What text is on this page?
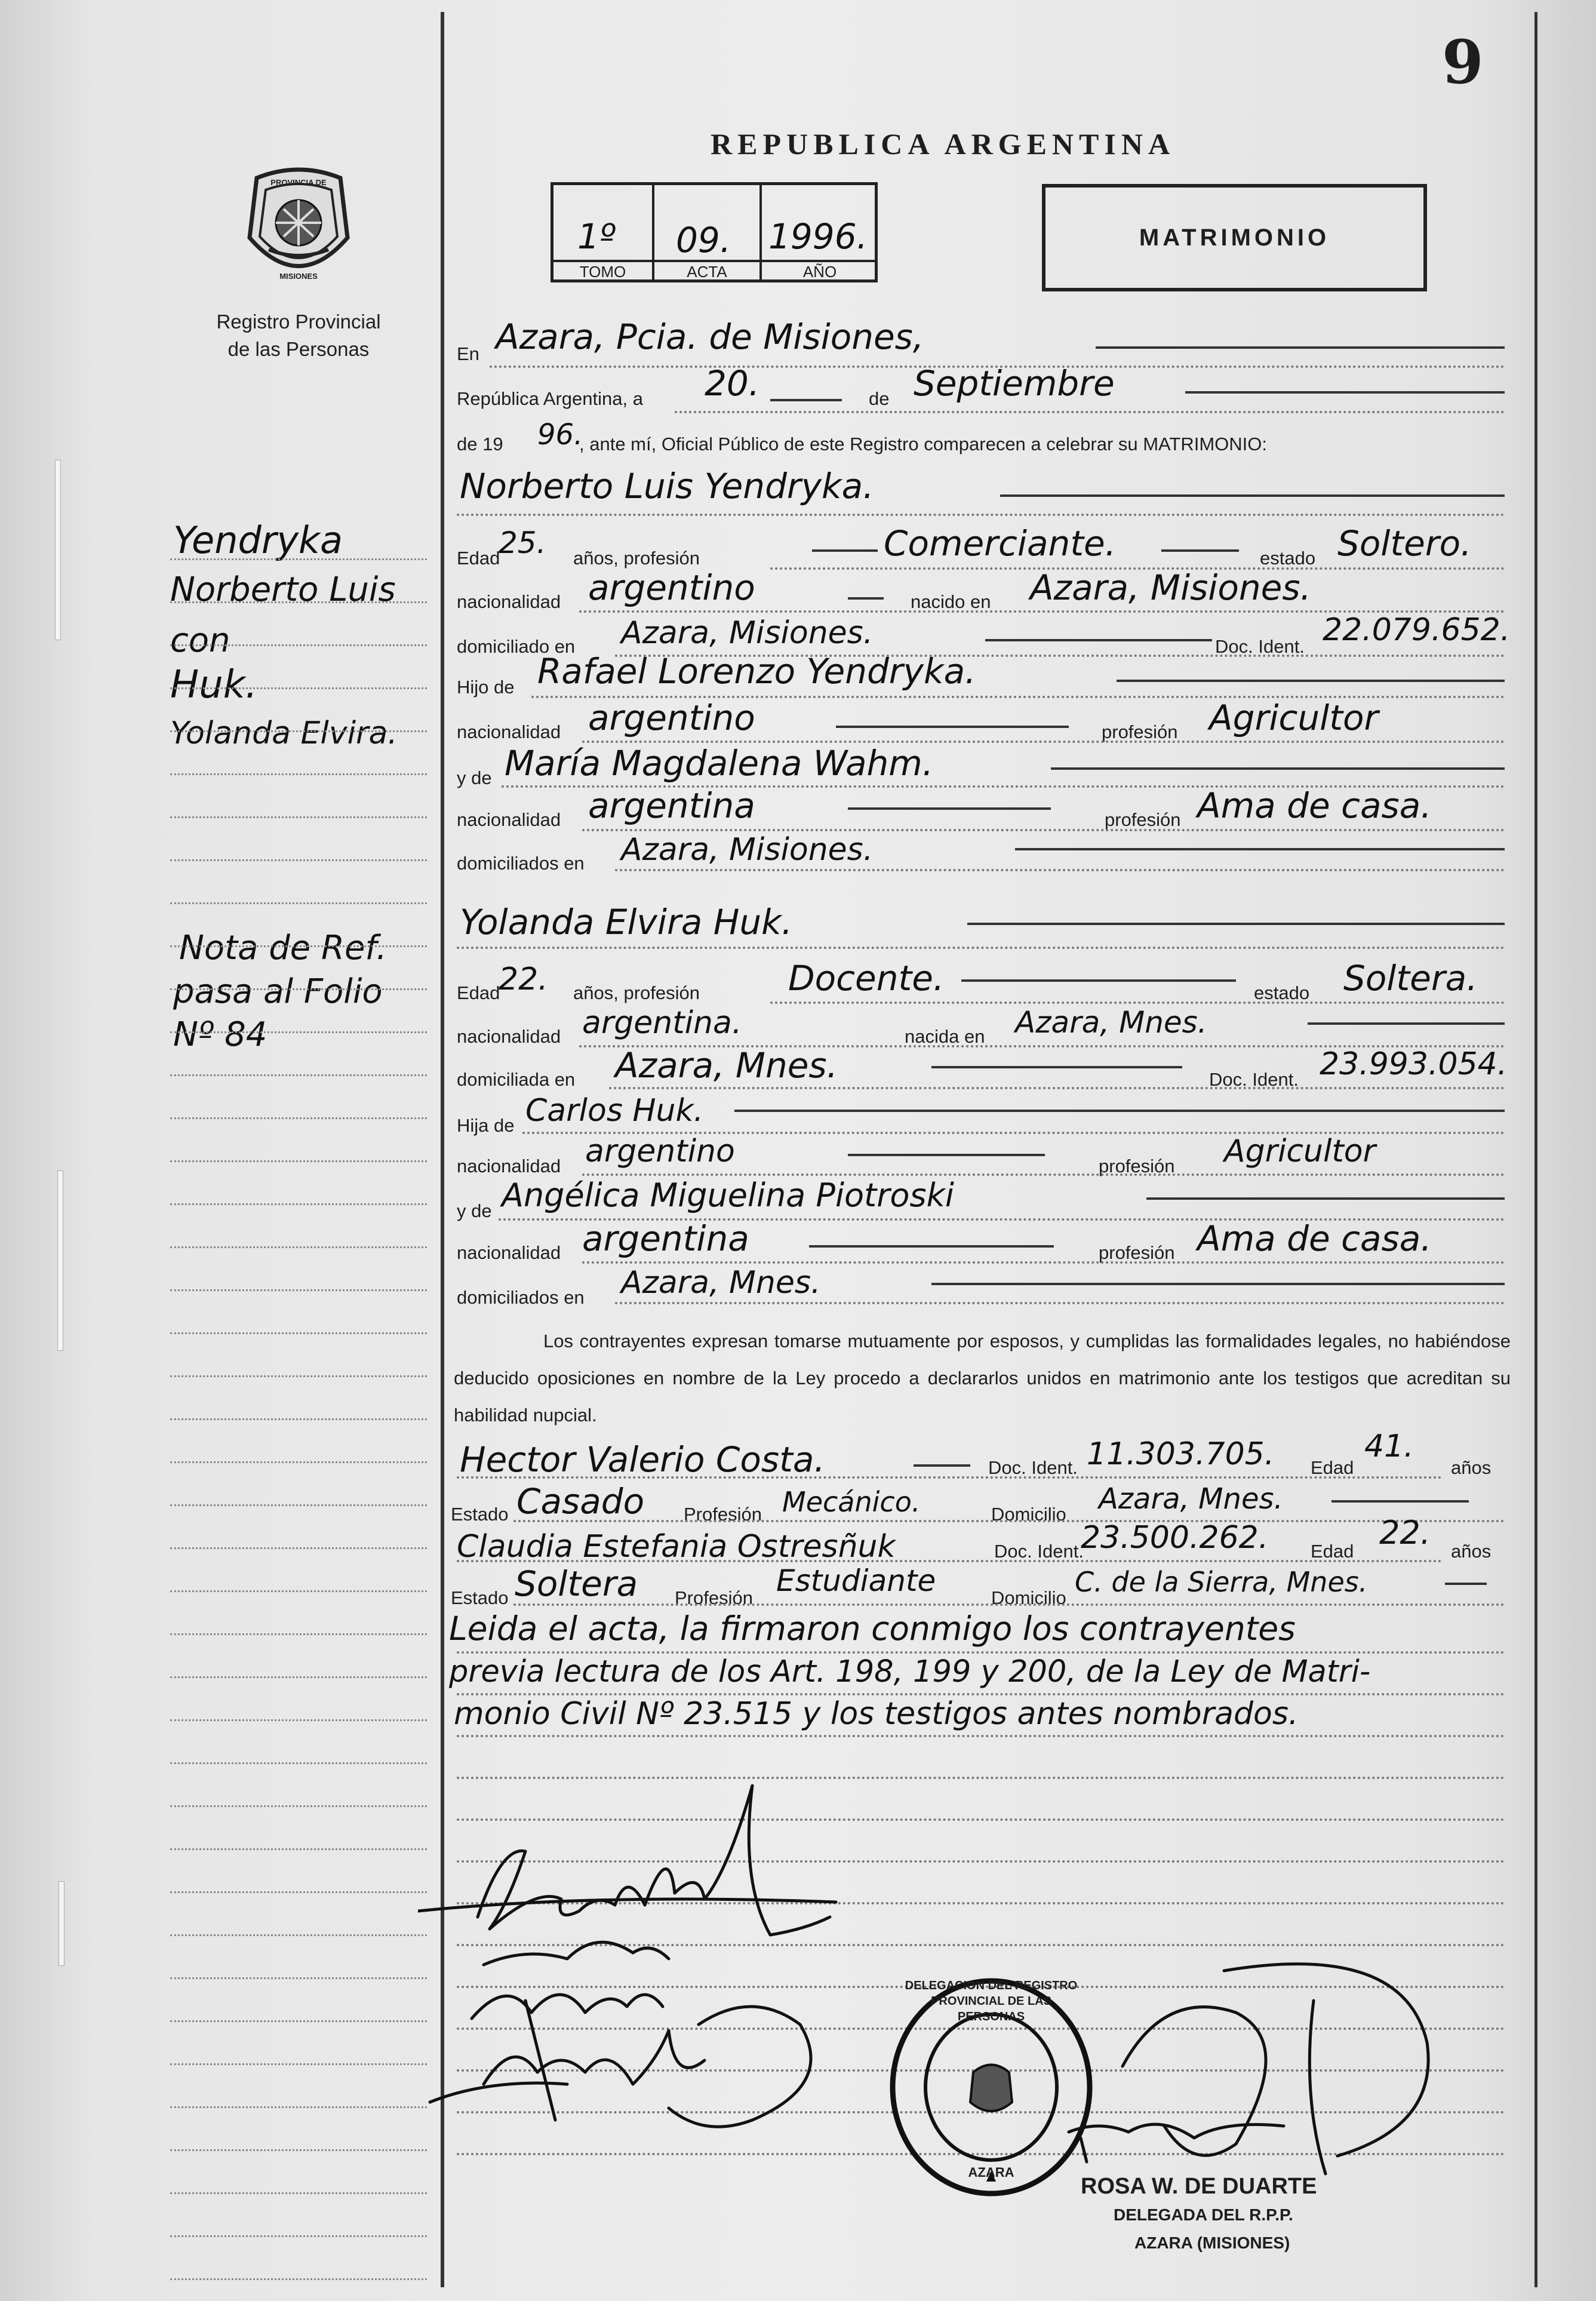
9
REPUBLICA ARGENTINA
PROVINCIA DE
MISIONES
Registro Provincial
de las Personas
1º 09. 1996.
TOMO	ACTA	AÑO
MATRIMONIO
Yendryka
Norberto Luis
con
Huk.
Yolanda Elvira.
Nota de Ref.
pasa al Folio
Nº 84
En Azara, Pcia. de Misiones,
República Argentina, a 20.	de Septiembre
de 19 96.
, ante mí, Oficial Público de este Registro comparecen a celebrar su MATRIMONIO:
Norberto Luis Yendryka.
Edad
25. años, profesión	Comerciante.	estado Soltero.
nacionalidad argentino	nacido en Azara, Misiones.
domiciliado en Azara, Misiones.	Doc. Ident. 22.079.652.
Hijo de Rafael Lorenzo Yendryka.
nacionalidad argentino	profesión Agricultor
y de María Magdalena Wahm.
nacionalidad argentina	profesión Ama de casa.
domiciliados en Azara, Misiones.
Yolanda Elvira Huk.
Edad
22. años, profesión	Docente.	estado Soltera.
nacionalidad argentina.	nacida en Azara, Mnes.
domiciliada en Azara, Mnes.	Doc. Ident. 23.993.054.
Hija de Carlos Huk.
nacionalidad argentino	profesión Agricultor
y de Angélica Miguelina Piotroski
nacionalidad argentina	profesión Ama de casa.
domiciliados en Azara, Mnes.
Los contrayentes expresan tomarse mutuamente por esposos, y cumplidas las formalidades legales, no habiéndose deducido oposiciones en nombre de la Ley procedo a declararlos unidos en matrimonio ante los testigos que acreditan su habilidad nupcial.
Hector Valerio Costa.	Doc. Ident. 11.303.705. Edad
41.
años
Estado Casado Profesión Mecánico.	Domicilio Azara, Mnes.
Claudia Estefania Ostresñuk	Doc. Ident.
23.500.262. Edad 22. años
Estado Soltera Profesión Estudiante	Domicilio C. de la Sierra, Mnes.
Leida el acta, la firmaron conmigo los contrayentes
previa lectura de los Art. 198, 199 y 200, de la Ley de Matri-
monio Civil Nº 23.515 y los testigos antes nombrados.
DELEGACION DEL REGISTRO PROVINCIAL DE LAS PERSONAS
AZARA
ROSA W. DE DUARTE
DELEGADA DEL R.P.P.
AZARA (MISIONES)
